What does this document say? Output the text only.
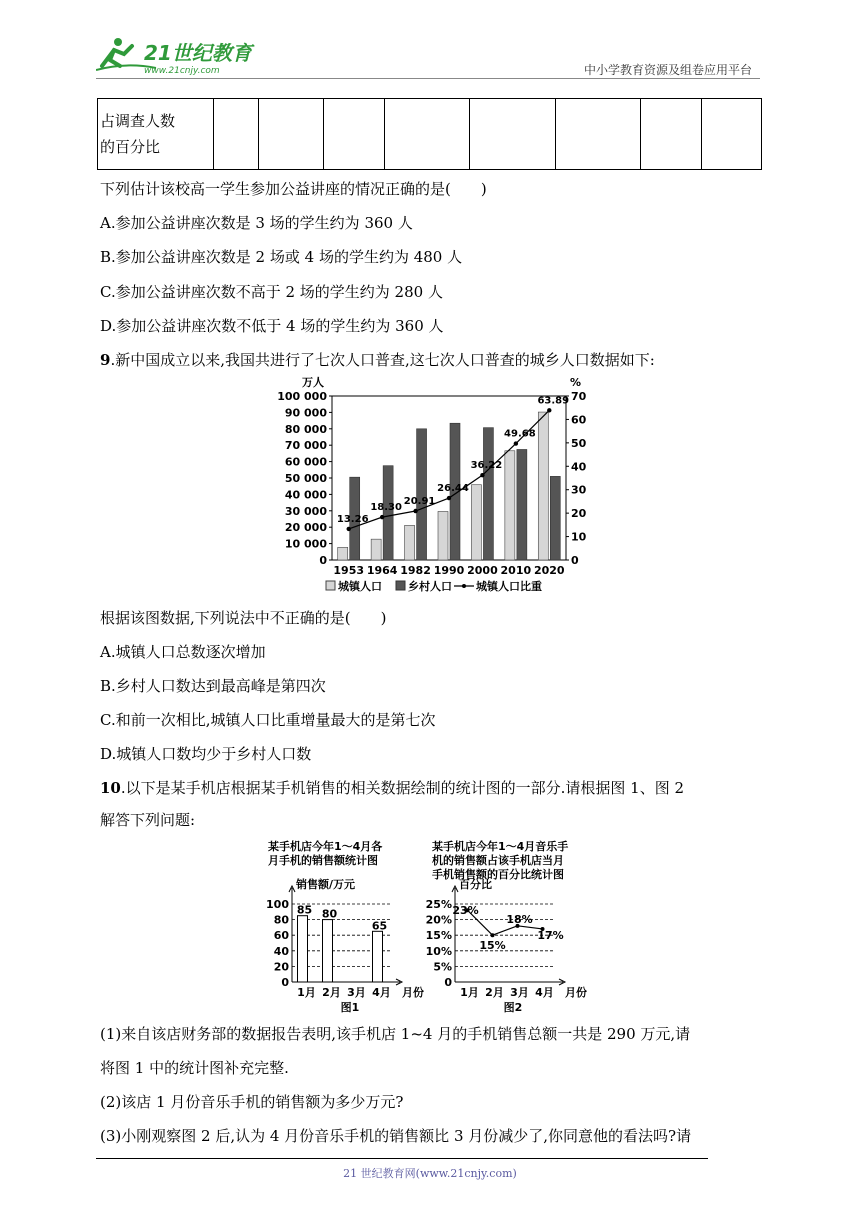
21世纪教育
www.21cnjy.com	中小学教育资源及组卷应用平台
占调查人数
的百分比								
下列估计该校高一学生参加公益讲座的情况正确的是(　　)
A.参加公益讲座次数是 3 场的学生约为 360 人
B.参加公益讲座次数是 2 场或 4 场的学生约为 480 人
C.参加公益讲座次数不高于 2 场的学生约为 280 人
D.参加公益讲座次数不低于 4 场的学生约为 360 人
9.新中国成立以来,我国共进行了七次人口普查,这七次人口普查的城乡人口数据如下:
万人	%
100 000
90 000
80 000
70 000
60 000
50 000
40 000
30 000
20 000
10 000
0
70
60
50
40
30
20
10
0
1953 1964 1982 1990 2000 2010 2020
13.26
18.30
20.91
26.44
36.22
49.68
63.89
城镇人口 乡村人口 城镇人口比重
根据该图数据,下列说法中不正确的是(　　)
A.城镇人口总数逐次增加
B.乡村人口数达到最高峰是第四次
C.和前一次相比,城镇人口比重增量最大的是第七次
D.城镇人口数均少于乡村人口数
10.以下是某手机店根据某手机销售的相关数据绘制的统计图的一部分.请根据图 1、图 2
解答下列问题:
某手机店今年1～4月各
月手机的销售额统计图
销售额/万元
月份
100
80
60
40
20
0
1月 2月 3月 4月
图1
85 80
65
某手机店今年1～4月音乐手
机的销售额占该手机店当月
手机销售额的百分比统计图
百分比
月份
25%
20%
15%
10%
5%
0
1月 2月 3月 4月
图2
23%
15%
18%
17%
(1)来自该店财务部的数据报告表明,该手机店 1~4 月的手机销售总额一共是 290 万元,请
将图 1 中的统计图补充完整.
(2)该店 1 月份音乐手机的销售额为多少万元?
(3)小刚观察图 2 后,认为 4 月份音乐手机的销售额比 3 月份减少了,你同意他的看法吗?请
21 世纪教育网(www.21cnjy.com)
